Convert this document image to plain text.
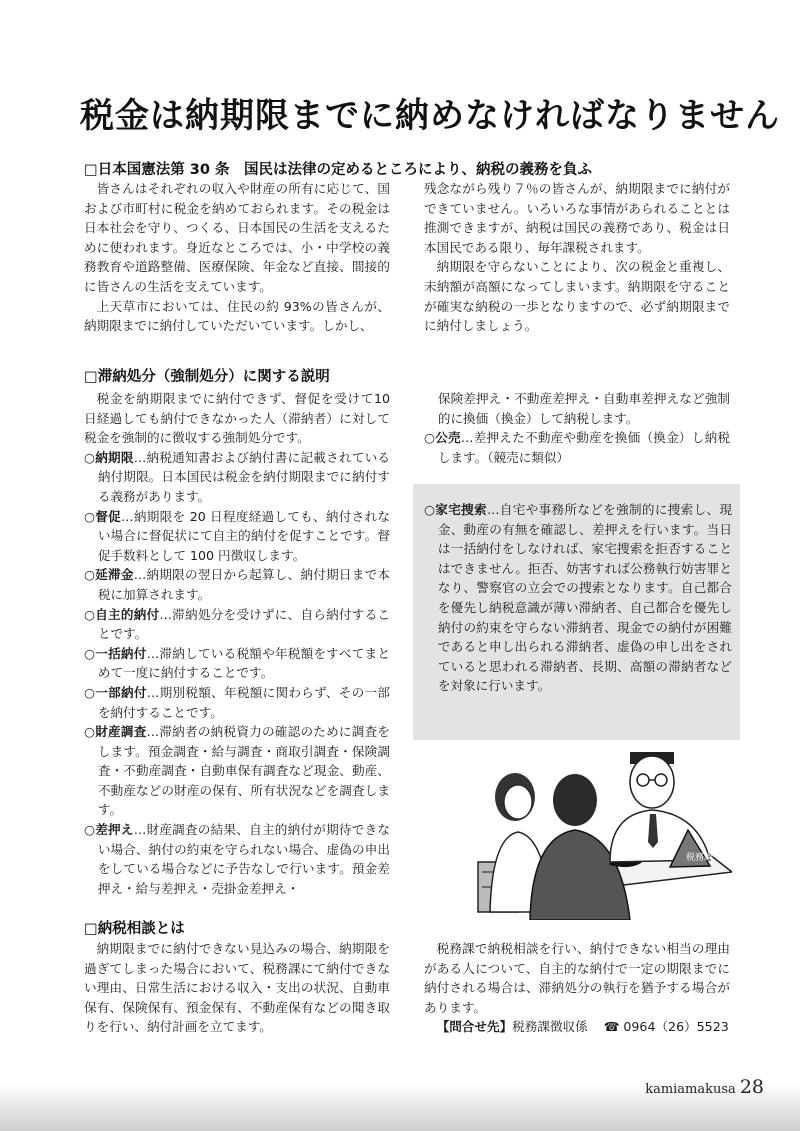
税金は納期限までに納めなければなりません
□日本国憲法第 30 条　国民は法律の定めるところにより、納税の義務を負ふ

皆さんはそれぞれの収入や財産の所有に応じて、国および市町村に税金を納めておられます。その税金は日本社会を守り、つくる、日本国民の生活を支えるために使われます。身近なところでは、小・中学校の義務教育や道路整備、医療保険、年金など直接、間接的に皆さんの生活を支えています。

上天草市においては、住民の約 93%の皆さんが、納期限までに納付していただいています。しかし、

残念ながら残り７％の皆さんが、納期限までに納付ができていません。いろいろな事情があられることとは推測できますが、納税は国民の義務であり、税金は日本国民である限り、毎年課税されます。

納期限を守らないことにより、次の税金と重複し、未納額が高額になってしまいます。納期限を守ることが確実な納税の一歩となりますので、必ず納期限までに納付しましょう。

□滞納処分（強制処分）に関する説明

税金を納期限までに納付できず、督促を受けて10 日経過しても納付できなかった人（滞納者）に対して税金を強制的に徴収する強制処分です。

○納期限…納税通知書および納付書に記載されている納付期限。日本国民は税金を納付期限までに納付する義務があります。
○督促…納期限を 20 日程度経過しても、納付されない場合に督促状にて自主的納付を促すことです。督促手数料として 100 円徴収します。
○延滞金…納期限の翌日から起算し、納付期日まで本税に加算されます。
○自主的納付…滞納処分を受けずに、自ら納付することです。
○一括納付…滞納している税額や年税額をすべてまとめて一度に納付することです。
○一部納付…期別税額、年税額に関わらず、その一部を納付することです。
○財産調査…滞納者の納税資力の確認のために調査をします。預金調査・給与調査・商取引調査・保険調査・不動産調査・自動車保有調査など現金、動産、不動産などの財産の保有、所有状況などを調査します。
○差押え…財産調査の結果、自主的納付が期待できない場合、納付の約束を守られない場合、虚偽の申出をしている場合などに予告なしで行います。預金差押え・給与差押え・売掛金差押え・

保険差押え・不動産差押え・自動車差押えなど強制的に換価（換金）して納税します。

○公売…差押えた不動産や動産を換価（換金）し納税します。（競売に類似）
○家宅捜索…自宅や事務所などを強制的に捜索し、現金、動産の有無を確認し、差押えを行います。当日は一括納付をしなければ、家宅捜索を拒否することはできません。拒否、妨害すれば公務執行妨害罪となり、警察官の立会での捜索となります。自己都合を優先し納税意識が薄い滞納者、自己都合を優先し納付の約束を守らない滞納者、現金での納付が困難であると申し出られる滞納者、虚偽の申し出をされていると思われる滞納者、長期、高額の滞納者などを対象に行います。
税務課
□納税相談とは

納期限までに納付できない見込みの場合、納期限を過ぎてしまった場合において、税務課にて納付できない理由、日常生活における収入・支出の状況、自動車保有、保険保有、預金保有、不動産保有などの聞き取りを行い、納付計画を立てます。

税務課で納税相談を行い、納付できない相当の理由がある人について、自主的な納付で一定の期限までに納付される場合は、滞納処分の執行を猶予する場合があります。

【問合せ先】税務課徴収係 ☎ 0964（26）5523

kamiamakusa 28
